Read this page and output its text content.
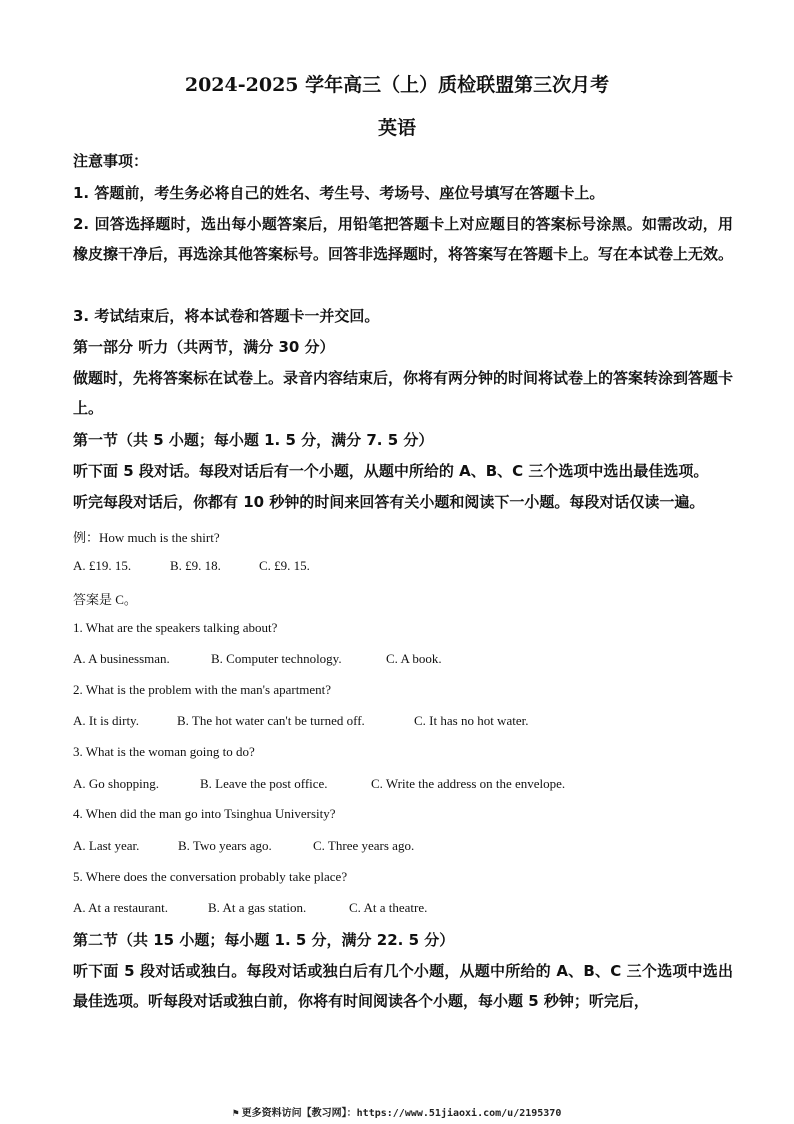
2024-2025 学年高三（上）质检联盟第三次月考
英语
注意事项：
1. 答题前，考生务必将自己的姓名、考生号、考场号、座位号填写在答题卡上。
2. 回答选择题时，选出每小题答案后，用铅笔把答题卡上对应题目的答案标号涂黑。如需改动，用橡皮擦干净后，再选涂其他答案标号。回答非选择题时，将答案写在答题卡上。写在本试卷上无效。
3. 考试结束后，将本试卷和答题卡一并交回。
第一部分 听力（共两节，满分 30 分）
做题时，先将答案标在试卷上。录音内容结束后，你将有两分钟的时间将试卷上的答案转涂到答题卡上。
第一节（共 5 小题；每小题 1. 5 分，满分 7. 5 分）
听下面 5 段对话。每段对话后有一个小题，从题中所给的 A、B、C 三个选项中选出最佳选项。
听完每段对话后，你都有 10 秒钟的时间来回答有关小题和阅读下一小题。每段对话仅读一遍。
例：How much is the shirt?
A. £19. 15.	B. £9. 18.	C. £9. 15.
答案是 C。
1. What are the speakers talking about?
A. A businessman.	B. Computer technology.	C. A book.
2. What is the problem with the man's apartment?
A. It is dirty.	B. The hot water can't be turned off.	C. It has no hot water.
3. What is the woman going to do?
A. Go shopping.	B. Leave the post office.	C. Write the address on the envelope.
4. When did the man go into Tsinghua University?
A. Last year.	B. Two years ago.	C. Three years ago.
5. Where does the conversation probably take place?
A. At a restaurant.	B. At a gas station.	C. At a theatre.
第二节（共 15 小题；每小题 1. 5 分，满分 22. 5 分）
听下面 5 段对话或独白。每段对话或独白后有几个小题，从题中所给的 A、B、C 三个选项中选出最佳选项。听每段对话或独白前，你将有时间阅读各个小题，每小题 5 秒钟；听完后，
⚑ 更多资料访问【教习网】：https://www.51jiaoxi.com/u/2195370
